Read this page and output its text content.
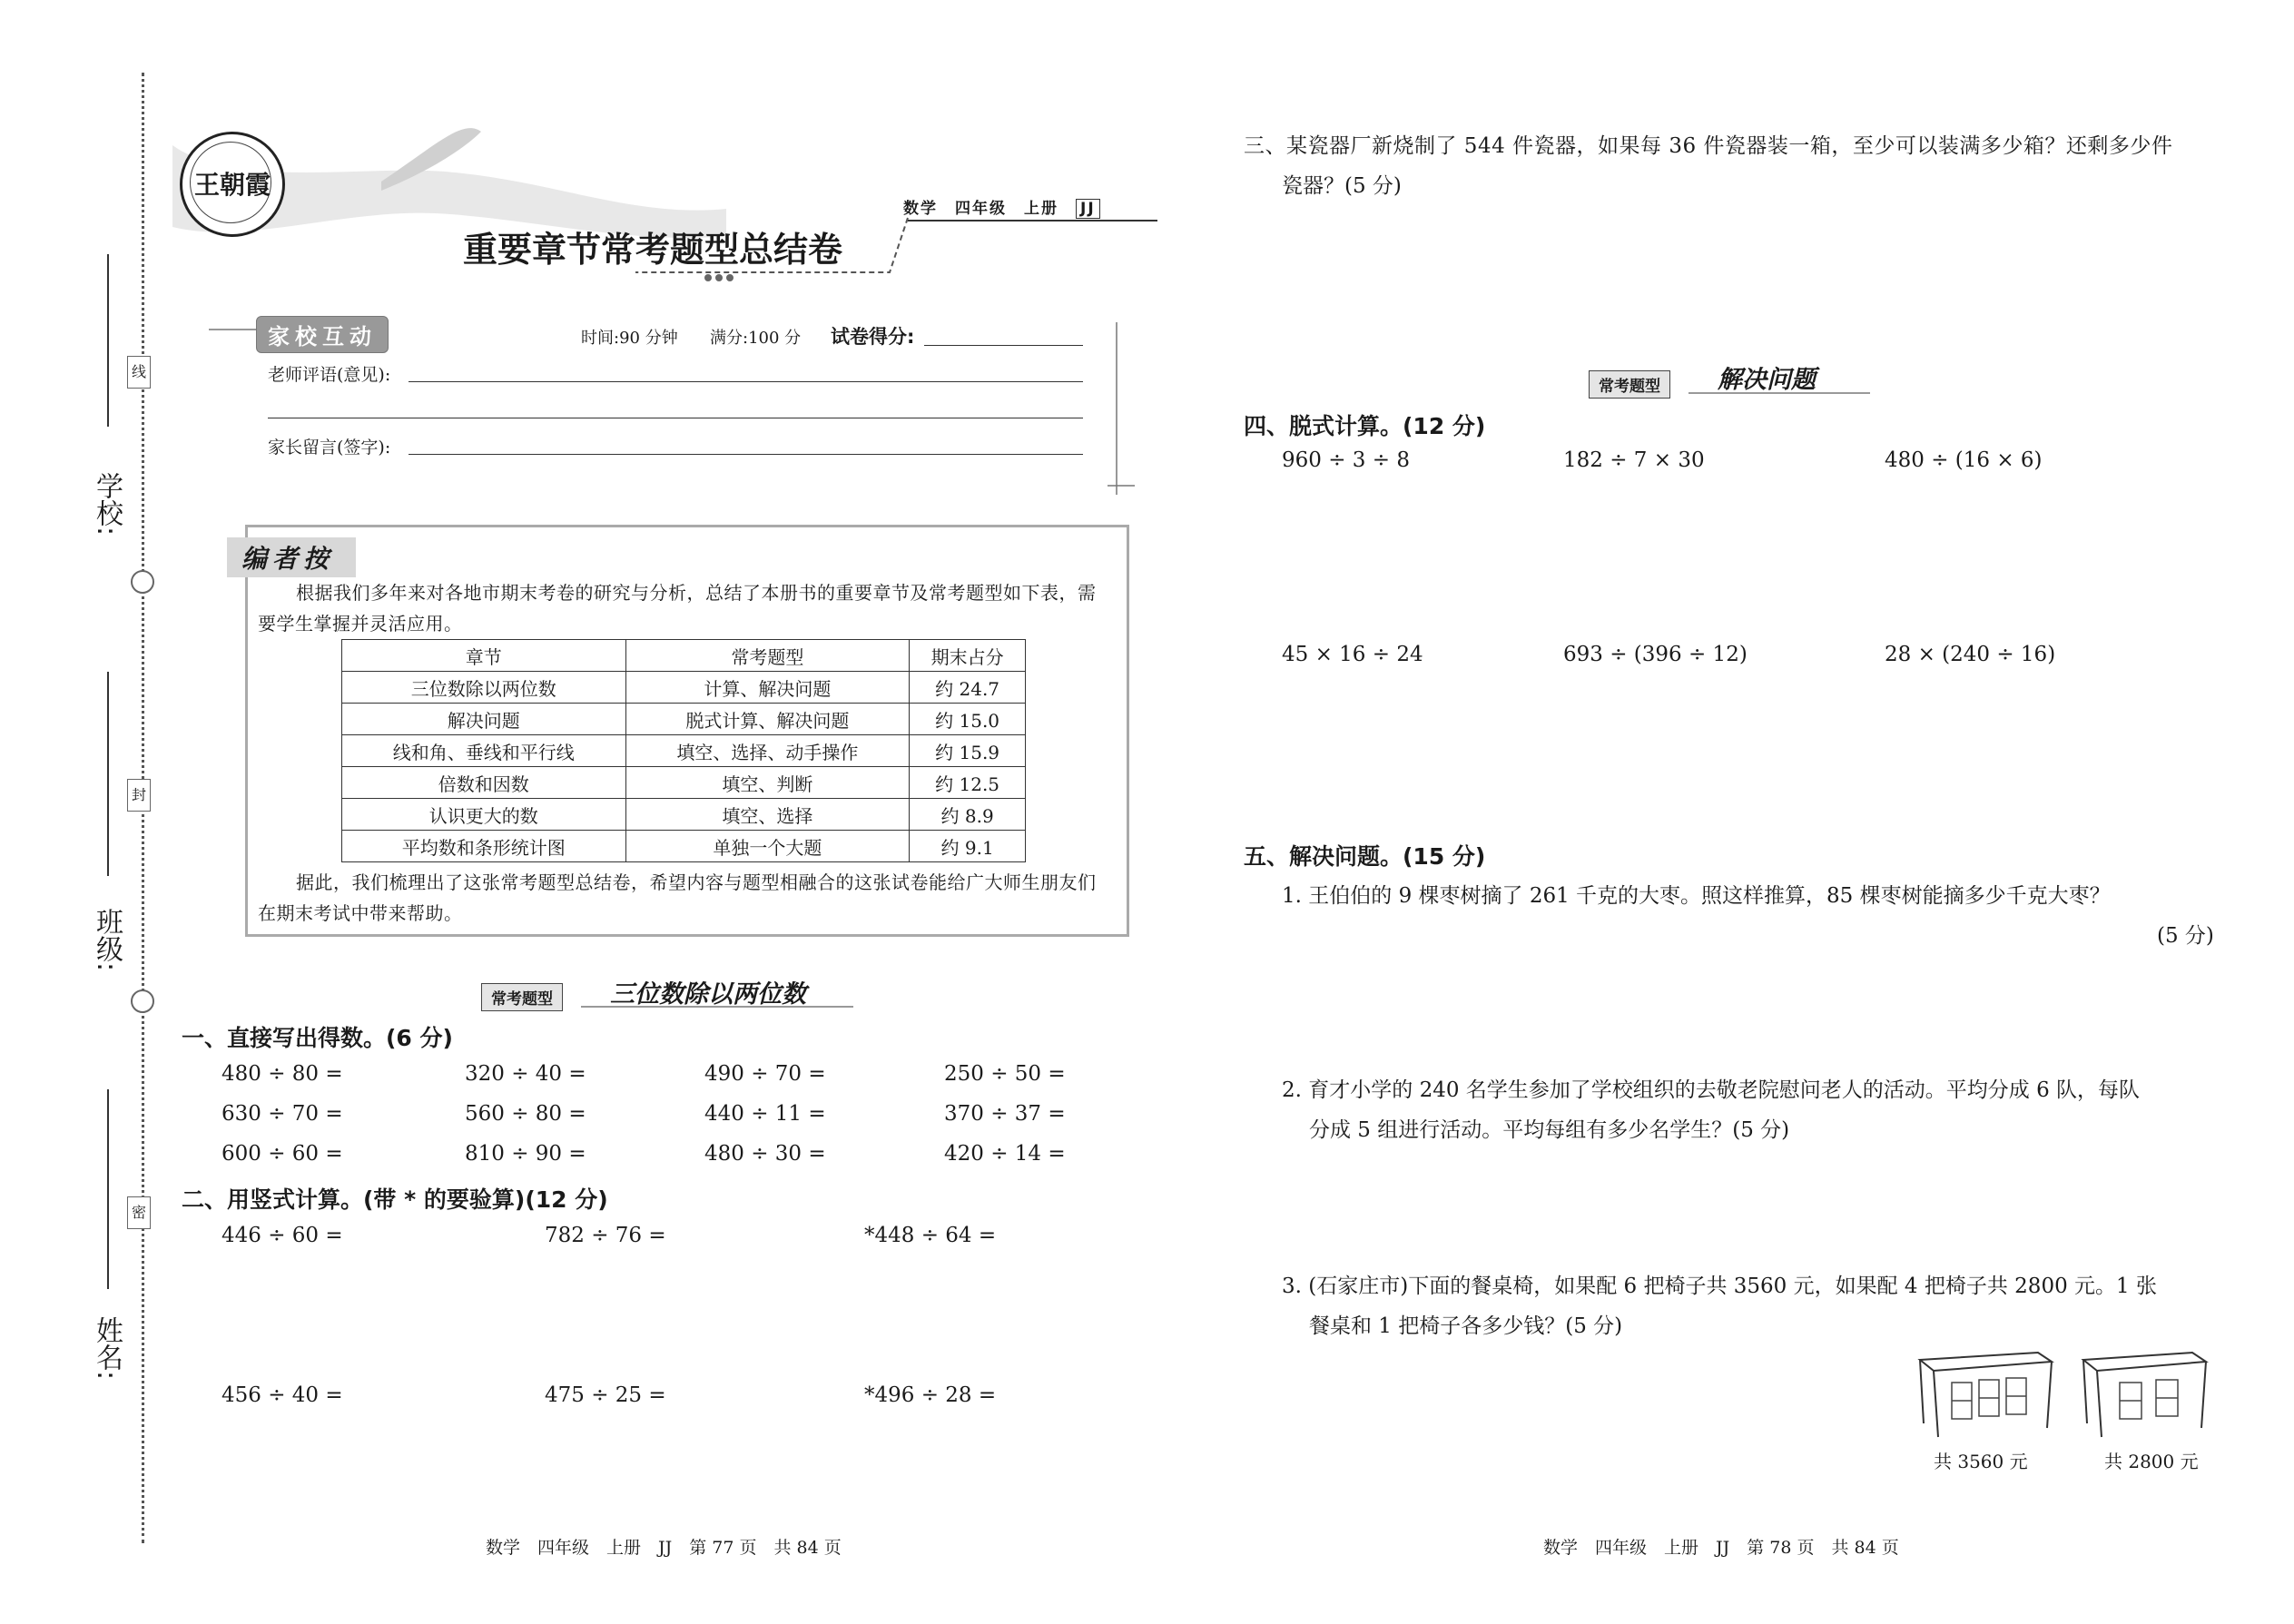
学校:
班级:
姓名:
线
封
密
王朝霞
数学　 四年级　 上册　 JJ
重要章节常考题型总结卷
家校互动	时间:90 分钟 满分:100 分 试卷得分:
老师评语(意见):
家长留言(签字):
编者按
根据我们多年来对各地市期末考卷的研究与分析，总结了本册书的重要章节及常考题型如下表，需要学生掌握并灵活应用。
章节	常考题型	期末占分
三位数除以两位数	计算、解决问题	约 24.7
解决问题	脱式计算、解决问题	约 15.0
线和角、垂线和平行线	填空、选择、动手操作	约 15.9
倍数和因数	填空、判断	约 12.5
认识更大的数	填空、选择	约 8.9
平均数和条形统计图	单独一个大题	约 9.1
据此，我们梳理出了这张常考题型总结卷，希望内容与题型相融合的这张试卷能给广大师生朋友们在期末考试中带来帮助。
常考题型	三位数除以两位数
一、直接写出得数。(6 分)
480 ÷ 80 =	320 ÷ 40 =	490 ÷ 70 =	250 ÷ 50 =
630 ÷ 70 =	560 ÷ 80 =	440 ÷ 11 =	370 ÷ 37 =
600 ÷ 60 =	810 ÷ 90 =	480 ÷ 30 =	420 ÷ 14 =
二、用竖式计算。(带 * 的要验算)(12 分)
446 ÷ 60 =	782 ÷ 76 =	*448 ÷ 64 =
456 ÷ 40 =	475 ÷ 25 =	*496 ÷ 28 =
数学　四年级　上册　JJ　第 77 页　共 84 页
三、某瓷器厂新烧制了 544 件瓷器，如果每 36 件瓷器装一箱，至少可以装满多少箱？还剩多少件
瓷器？(5 分)
常考题型	解决问题
四、脱式计算。(12 分)
960 ÷ 3 ÷ 8	182 ÷ 7 × 30	480 ÷ (16 × 6)
45 × 16 ÷ 24	693 ÷ (396 ÷ 12)	28 × (240 ÷ 16)
五、解决问题。(15 分)
1. 王伯伯的 9 棵枣树摘了 261 千克的大枣。照这样推算，85 棵枣树能摘多少千克大枣？
(5 分)
2. 育才小学的 240 名学生参加了学校组织的去敬老院慰问老人的活动。平均分成 6 队，每队
分成 5 组进行活动。平均每组有多少名学生？(5 分)
3. (石家庄市)下面的餐桌椅，如果配 6 把椅子共 3560 元，如果配 4 把椅子共 2800 元。1 张
餐桌和 1 把椅子各多少钱？(5 分)
共 3560 元	共 2800 元
数学　四年级　上册　JJ　第 78 页　共 84 页
